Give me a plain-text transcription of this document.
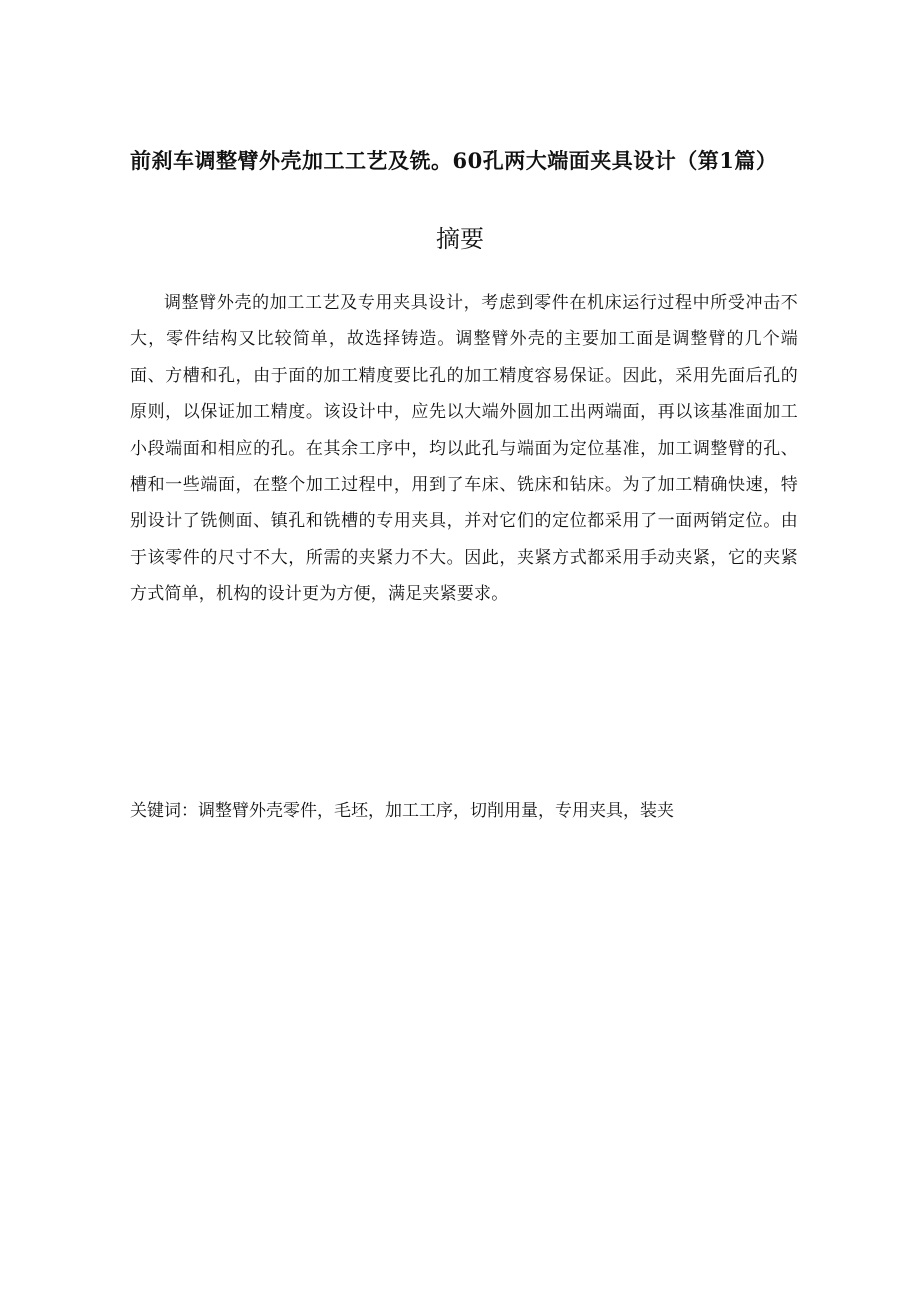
前刹车调整臂外壳加工工艺及铣。60孔两大端面夹具设计（第1篇）
摘要

调整臂外壳的加工工艺及专用夹具设计，考虑到零件在机床运行过程中所受冲击不大，零件结构又比较简单，故选择铸造。调整臂外壳的主要加工面是调整臂的几个端面、方槽和孔，由于面的加工精度要比孔的加工精度容易保证。因此，采用先面后孔的原则，以保证加工精度。该设计中，应先以大端外圆加工出两端面，再以该基准面加工小段端面和相应的孔。在其余工序中，均以此孔与端面为定位基准，加工调整臂的孔、槽和一些端面，在整个加工过程中，用到了车床、铣床和钻床。为了加工精确快速，特别设计了铣侧面、镇孔和铣槽的专用夹具，并对它们的定位都采用了一面两销定位。由于该零件的尺寸不大，所需的夹紧力不大。因此，夹紧方式都采用手动夹紧，它的夹紧方式简单，机构的设计更为方便，满足夹紧要求。

关键词：调整臂外壳零件，毛坯，加工工序，切削用量，专用夹具，装夹
